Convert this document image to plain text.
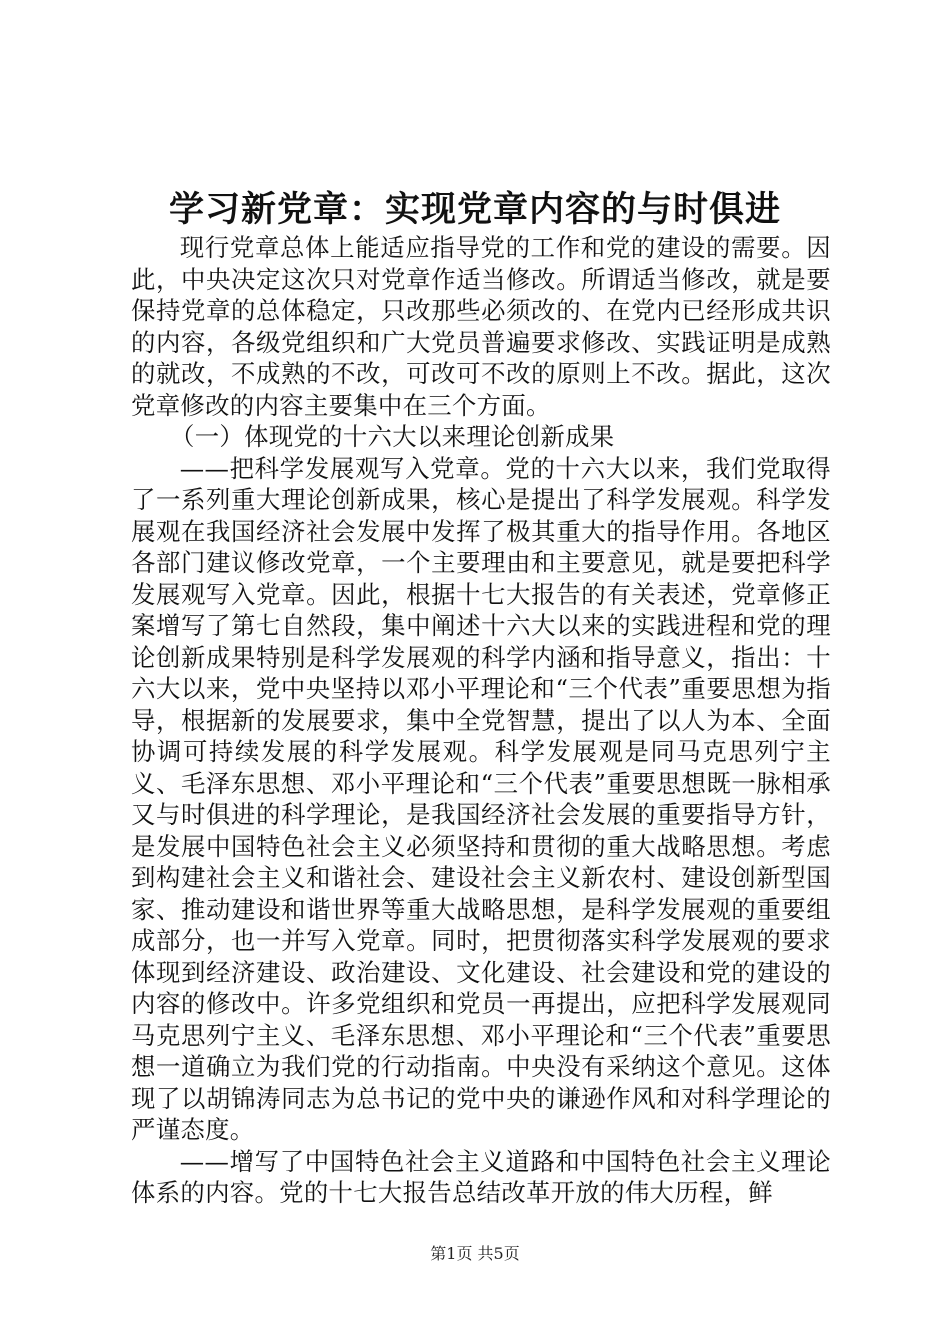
学习新党章：实现党章内容的与时俱进

现行党章总体上能适应指导党的工作和党的建设的需要。因此，中央决定这次只对党章作适当修改。所谓适当修改，就是要保持党章的总体稳定，只改那些必须改的、在党内已经形成共识的内容，各级党组织和广大党员普遍要求修改、实践证明是成熟的就改，不成熟的不改，可改可不改的原则上不改。据此，这次党章修改的内容主要集中在三个方面。

（一）体现党的十六大以来理论创新成果

——把科学发展观写入党章。党的十六大以来，我们党取得了一系列重大理论创新成果，核心是提出了科学发展观。科学发展观在我国经济社会发展中发挥了极其重大的指导作用。各地区各部门建议修改党章，一个主要理由和主要意见，就是要把科学发展观写入党章。因此，根据十七大报告的有关表述，党章修正案增写了第七自然段，集中阐述十六大以来的实践进程和党的理论创新成果特别是科学发展观的科学内涵和指导意义，指出：十六大以来，党中央坚持以邓小平理论和“三个代表”重要思想为指导，根据新的发展要求，集中全党智慧，提出了以人为本、全面协调可持续发展的科学发展观。科学发展观是同马克思列宁主义、毛泽东思想、邓小平理论和“三个代表”重要思想既一脉相承又与时俱进的科学理论，是我国经济社会发展的重要指导方针，是发展中国特色社会主义必须坚持和贯彻的重大战略思想。考虑到构建社会主义和谐社会、建设社会主义新农村、建设创新型国家、推动建设和谐世界等重大战略思想，是科学发展观的重要组成部分，也一并写入党章。同时，把贯彻落实科学发展观的要求体现到经济建设、政治建设、文化建设、社会建设和党的建设的内容的修改中。许多党组织和党员一再提出，应把科学发展观同马克思列宁主义、毛泽东思想、邓小平理论和“三个代表”重要思想一道确立为我们党的行动指南。中央没有采纳这个意见。这体现了以胡锦涛同志为总书记的党中央的谦逊作风和对科学理论的严谨态度。

——增写了中国特色社会主义道路和中国特色社会主义理论体系的内容。党的十七大报告总结改革开放的伟大历程，鲜

第1页 共5页
